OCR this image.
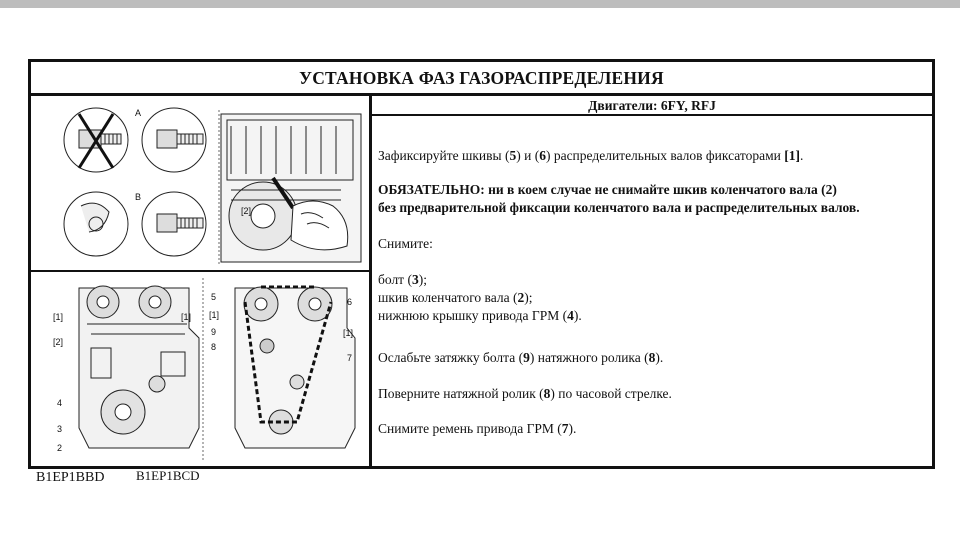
УСТАНОВКА ФАЗ ГАЗОРАСПРЕДЕЛЕНИЯ
A
B
[2]
[1]	[1]
[2]
4
3
2
5
[1]
9
8
6
[1]
7
Двигатели: 6FY, RFJ

Зафиксируйте шкивы (5) и (6) распределительных валов фиксаторами [1].

ОБЯЗАТЕЛЬНО: ни в коем случае не снимайте шкив коленчатого вала (2)
без предварительной фиксации коленчатого вала и распределительных валов.

Снимите:

болт (3);
шкив коленчатого вала (2);
нижнюю крышку привода ГРМ (4).

Ослабьте затяжку болта (9) натяжного ролика (8).

Поверните натяжной ролик (8) по часовой стрелке.

Снимите ремень привода ГРМ (7).

B1EP1BBD B1EP1BCD
